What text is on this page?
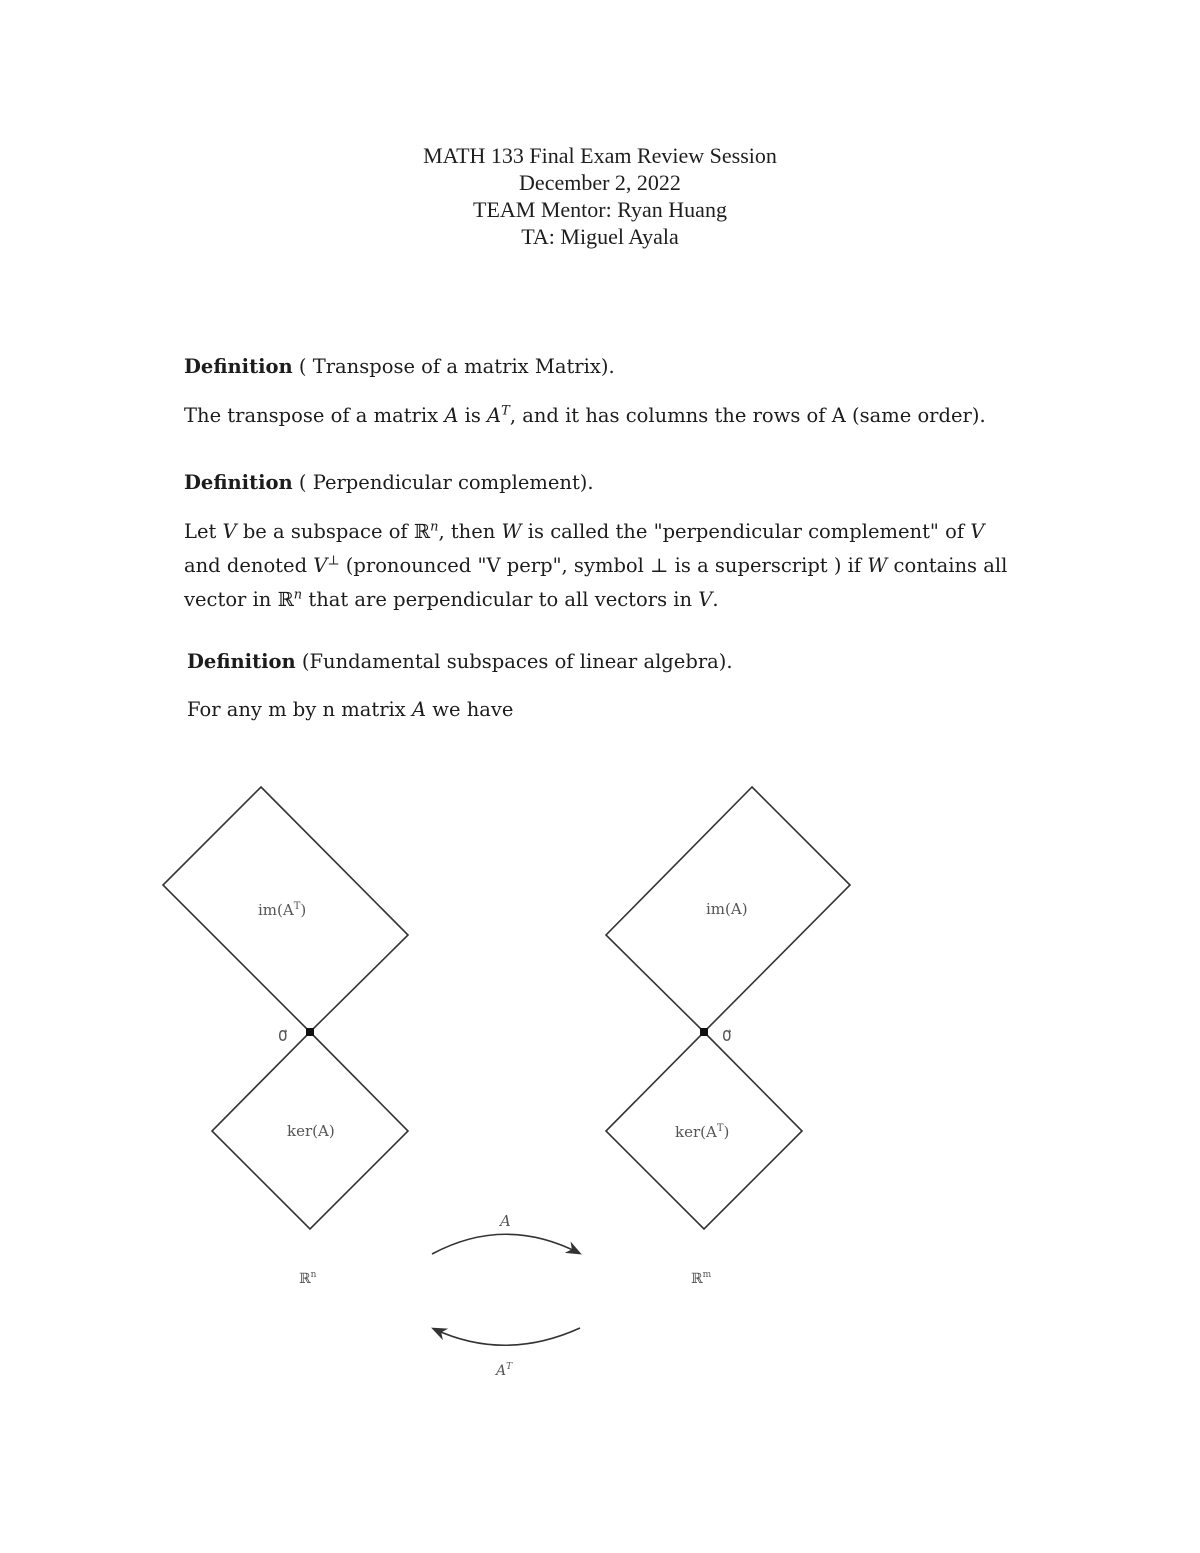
MATH 133 Final Exam Review Session
December 2, 2022
TEAM Mentor: Ryan Huang
TA: Miguel Ayala
Definition ( Transpose of a matrix Matrix).
The transpose of a matrix A is $A^T$, and it has columns the rows of A (same order).
Definition ( Perpendicular complement).
Let V be a subspace of ℝ$^n$, then W is called the "perpendicular complement" of V
and denoted V⊥ (pronounced "V perp", symbol ⊥ is a superscript ) if W contains all
vector in ℝ$^n$ that are perpendicular to all vectors in V.
Definition (Fundamental subspaces of linear algebra).
For any m by n matrix A we have
$im(A^T)$
ker(A)
im(A)
$ker(A^T)$
0⃗	0⃗
ℝ$^n$	ℝ$^m$
A
$A^T$
